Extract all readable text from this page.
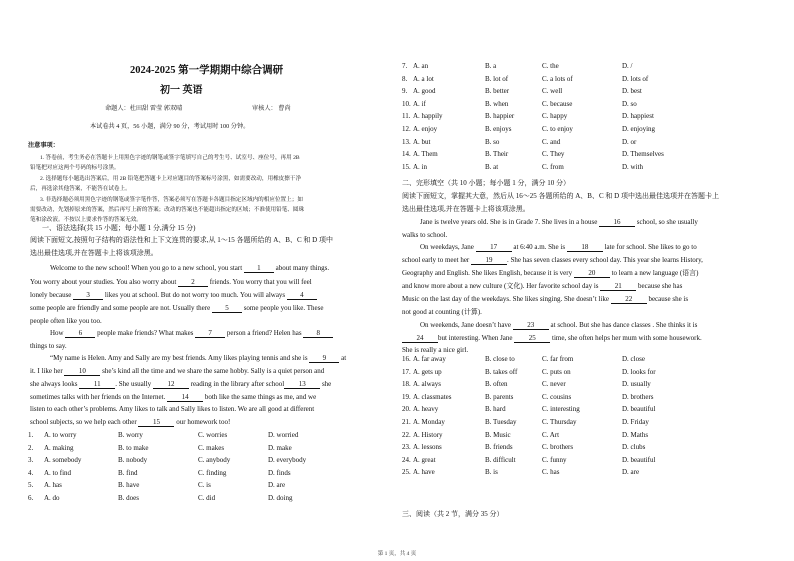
2024-2025 第一学期期中综合调研
初一 英语
命题人：杜田甜 雷莹 郭双晴	审核人： 曹尚
本试卷共 4 页，56 小题，满分 90 分，考试用时 100 分钟。
注意事项：
1. 答卷前，考生务必在答题卡上用黑色字迹的钢笔或签字笔填写自己的考生号、试室号、座位号，再用 2B
铅笔把对应这两个号码的标号涂黑。
2. 选择题每小题选出答案后，用 2B 铅笔把答题卡上对应题目的答案标号涂黑，如需要改动，用橡皮擦干净
后，再选涂其他答案，不能答在试卷上。
3. 非选择题必须用黑色字迹的钢笔或签字笔作答，答案必须写在答题卡各题目指定区域内的相应位置上；如
需要改动，先划掉原来的答案，然后再写上新的答案；改动的答案也不能超出指定的区域；不准使用铅笔、圆珠
笔和涂改液。不按以上要求作答的答案无效。
一、语法选择(共 15 小题；每小题 1 分,满分 15 分)
阅读下面短文,按照句子结构的语法性和上下文连贯的要求,从 1～15 各题所给的 A、B、C 和 D 项中
选出最佳选项,并在答题卡上将该项涂黑。
Welcome to the new school! When you go to a new school, you start 1 about many things.
You worry about your studies. You also worry about 2 friends. You worry that you will feel
lonely because 3 likes you at school. But do not worry too much. You will always 4
some people are friendly and some people are not. Usually there 5 some people you like. These
people often like you too.
How 6 people make friends? What makes 7 person a friend? Helen has 8
things to say.
“My name is Helen. Amy and Sally are my best friends. Amy likes playing tennis and she is 9 at
it. I like her 10 she’s kind all the time and we share the same hobby. Sally is a quiet person and
she always looks 11 . She usually 12 reading in the library after school 13 she
sometimes talks with her friends on the Internet. 14 both like the same things as me, and we
listen to each other’s problems. Amy likes to talk and Sally likes to listen. We are all good at different
school subjects, so we help each other 15 our homework too!
1. A. to worry	B. worry	C. worries	D. worried
2. A. making	B. to make	C. makes	D. make
3. A. somebody	B. nobody	C. anybody	D. everybody
4. A. to find	B. find	C. finding	D. finds
5. A. has	B. have	C. is	D. are
6. A. do	B. does	C. did	D. doing
7. A. an	B. a	C. the	D. /
8. A. a lot	B. lot of	C. a lots of	D. lots of
9. A. good	B. better	C. well	D. best
10. A. if	B. when	C. because	D. so
11. A. happily	B. happier	C. happy	D. happiest
12. A. enjoy	B. enjoys	C. to enjoy	D. enjoying
13. A. but	B. so	C. and	D. or
14. A. Them	B. Their	C. They	D. Themselves
15. A. in	B. at	C. from	D. with
二、完形填空（共 10 小题；每小题 1 分，满分 10 分）
阅读下面短文，掌握其大意，然后从 16～25 各题所给的 A、B、C 和 D 项中选出最佳选项并在答题卡上
选出最佳选项,并在答题卡上将该项涂黑。
Jane is twelve years old. She is in Grade 7. She lives in a house 16 school, so she usually
walks to school.
On weekdays, Jane 17 at 6:40 a.m. She is 18 late for school. She likes to go to
school early to meet her 19 . She has seven classes every school day. This year she learns History,
Geography and English. She likes English, because it is very 20 to learn a new language (语言)
and know more about a new culture (文化). Her favorite school day is 21 because she has
Music on the last day of the weekdays. She likes singing. She doesn’t like 22 because she is
not good at counting (计算).
On weekends, Jane doesn’t have 23 at school. But she has dance classes . She thinks it is
24 but interesting. When Jane 25 time, she often helps her mum with some housework.
She is really a nice girl.
16. A. far away	B. close to	C. far from	D. close
17. A. gets up	B. takes off	C. puts on	D. looks for
18. A. always	B. often	C. never	D. usually
19. A. classmates	B. parents	C. cousins	D. brothers
20. A. heavy	B. hard	C. interesting	D. beautiful
21. A. Monday	B. Tuesday	C. Thursday	D. Friday
22. A. History	B. Music	C. Art	D. Maths
23. A. lessons	B. friends	C. brothers	D. clubs
24. A. great	B. difficult	C. funny	D. beautiful
25. A. have	B. is	C. has	D. are
三、阅读（共 2 节，满分 35 分）
第 1 页，共 4 页
